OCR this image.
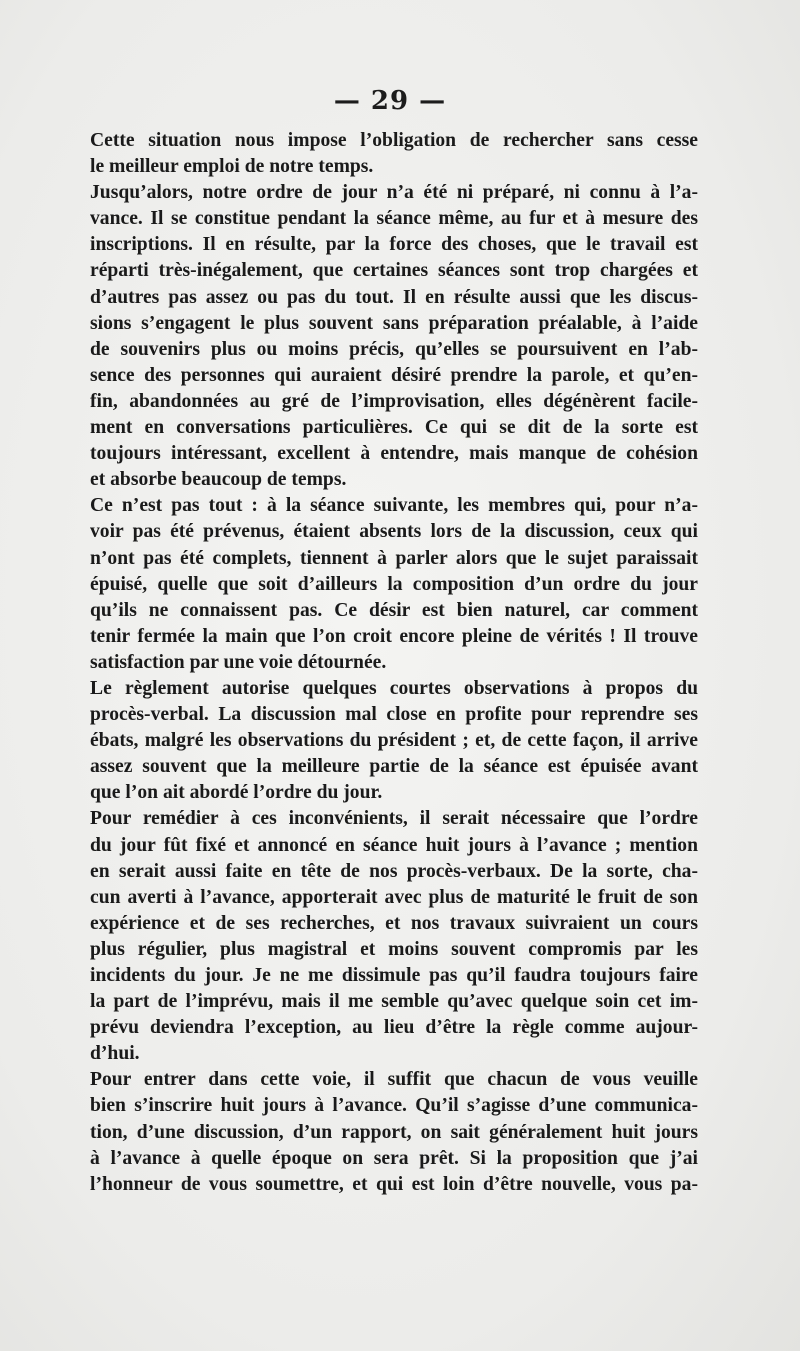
— 29 —
Cette situation nous impose l’obligation de rechercher sans cesse
le meilleur emploi de notre temps.
Jusqu’alors, notre ordre de jour n’a été ni préparé, ni connu à l’a-
vance. Il se constitue pendant la séance même, au fur et à mesure des
inscriptions. Il en résulte, par la force des choses, que le travail est
réparti très-inégalement, que certaines séances sont trop chargées et
d’autres pas assez ou pas du tout. Il en résulte aussi que les discus-
sions s’engagent le plus souvent sans préparation préalable, à l’aide
de souvenirs plus ou moins précis, qu’elles se poursuivent en l’ab-
sence des personnes qui auraient désiré prendre la parole, et qu’en-
fin, abandonnées au gré de l’improvisation, elles dégénèrent facile-
ment en conversations particulières. Ce qui se dit de la sorte est
toujours intéressant, excellent à entendre, mais manque de cohésion
et absorbe beaucoup de temps.
Ce n’est pas tout : à la séance suivante, les membres qui, pour n’a-
voir pas été prévenus, étaient absents lors de la discussion, ceux qui
n’ont pas été complets, tiennent à parler alors que le sujet paraissait
épuisé, quelle que soit d’ailleurs la composition d’un ordre du jour
qu’ils ne connaissent pas. Ce désir est bien naturel, car comment
tenir fermée la main que l’on croit encore pleine de vérités ! Il trouve
satisfaction par une voie détournée.
Le règlement autorise quelques courtes observations à propos du
procès-verbal. La discussion mal close en profite pour reprendre ses
ébats, malgré les observations du président ; et, de cette façon, il arrive
assez souvent que la meilleure partie de la séance est épuisée avant
que l’on ait abordé l’ordre du jour.
Pour remédier à ces inconvénients, il serait nécessaire que l’ordre
du jour fût fixé et annoncé en séance huit jours à l’avance ; mention
en serait aussi faite en tête de nos procès-verbaux. De la sorte, cha-
cun averti à l’avance, apporterait avec plus de maturité le fruit de son
expérience et de ses recherches, et nos travaux suivraient un cours
plus régulier, plus magistral et moins souvent compromis par les
incidents du jour. Je ne me dissimule pas qu’il faudra toujours faire
la part de l’imprévu, mais il me semble qu’avec quelque soin cet im-
prévu deviendra l’exception, au lieu d’être la règle comme aujour-
d’hui.
Pour entrer dans cette voie, il suffit que chacun de vous veuille
bien s’inscrire huit jours à l’avance. Qu’il s’agisse d’une communica-
tion, d’une discussion, d’un rapport, on sait généralement huit jours
à l’avance à quelle époque on sera prêt. Si la proposition que j’ai
l’honneur de vous soumettre, et qui est loin d’être nouvelle, vous pa-
